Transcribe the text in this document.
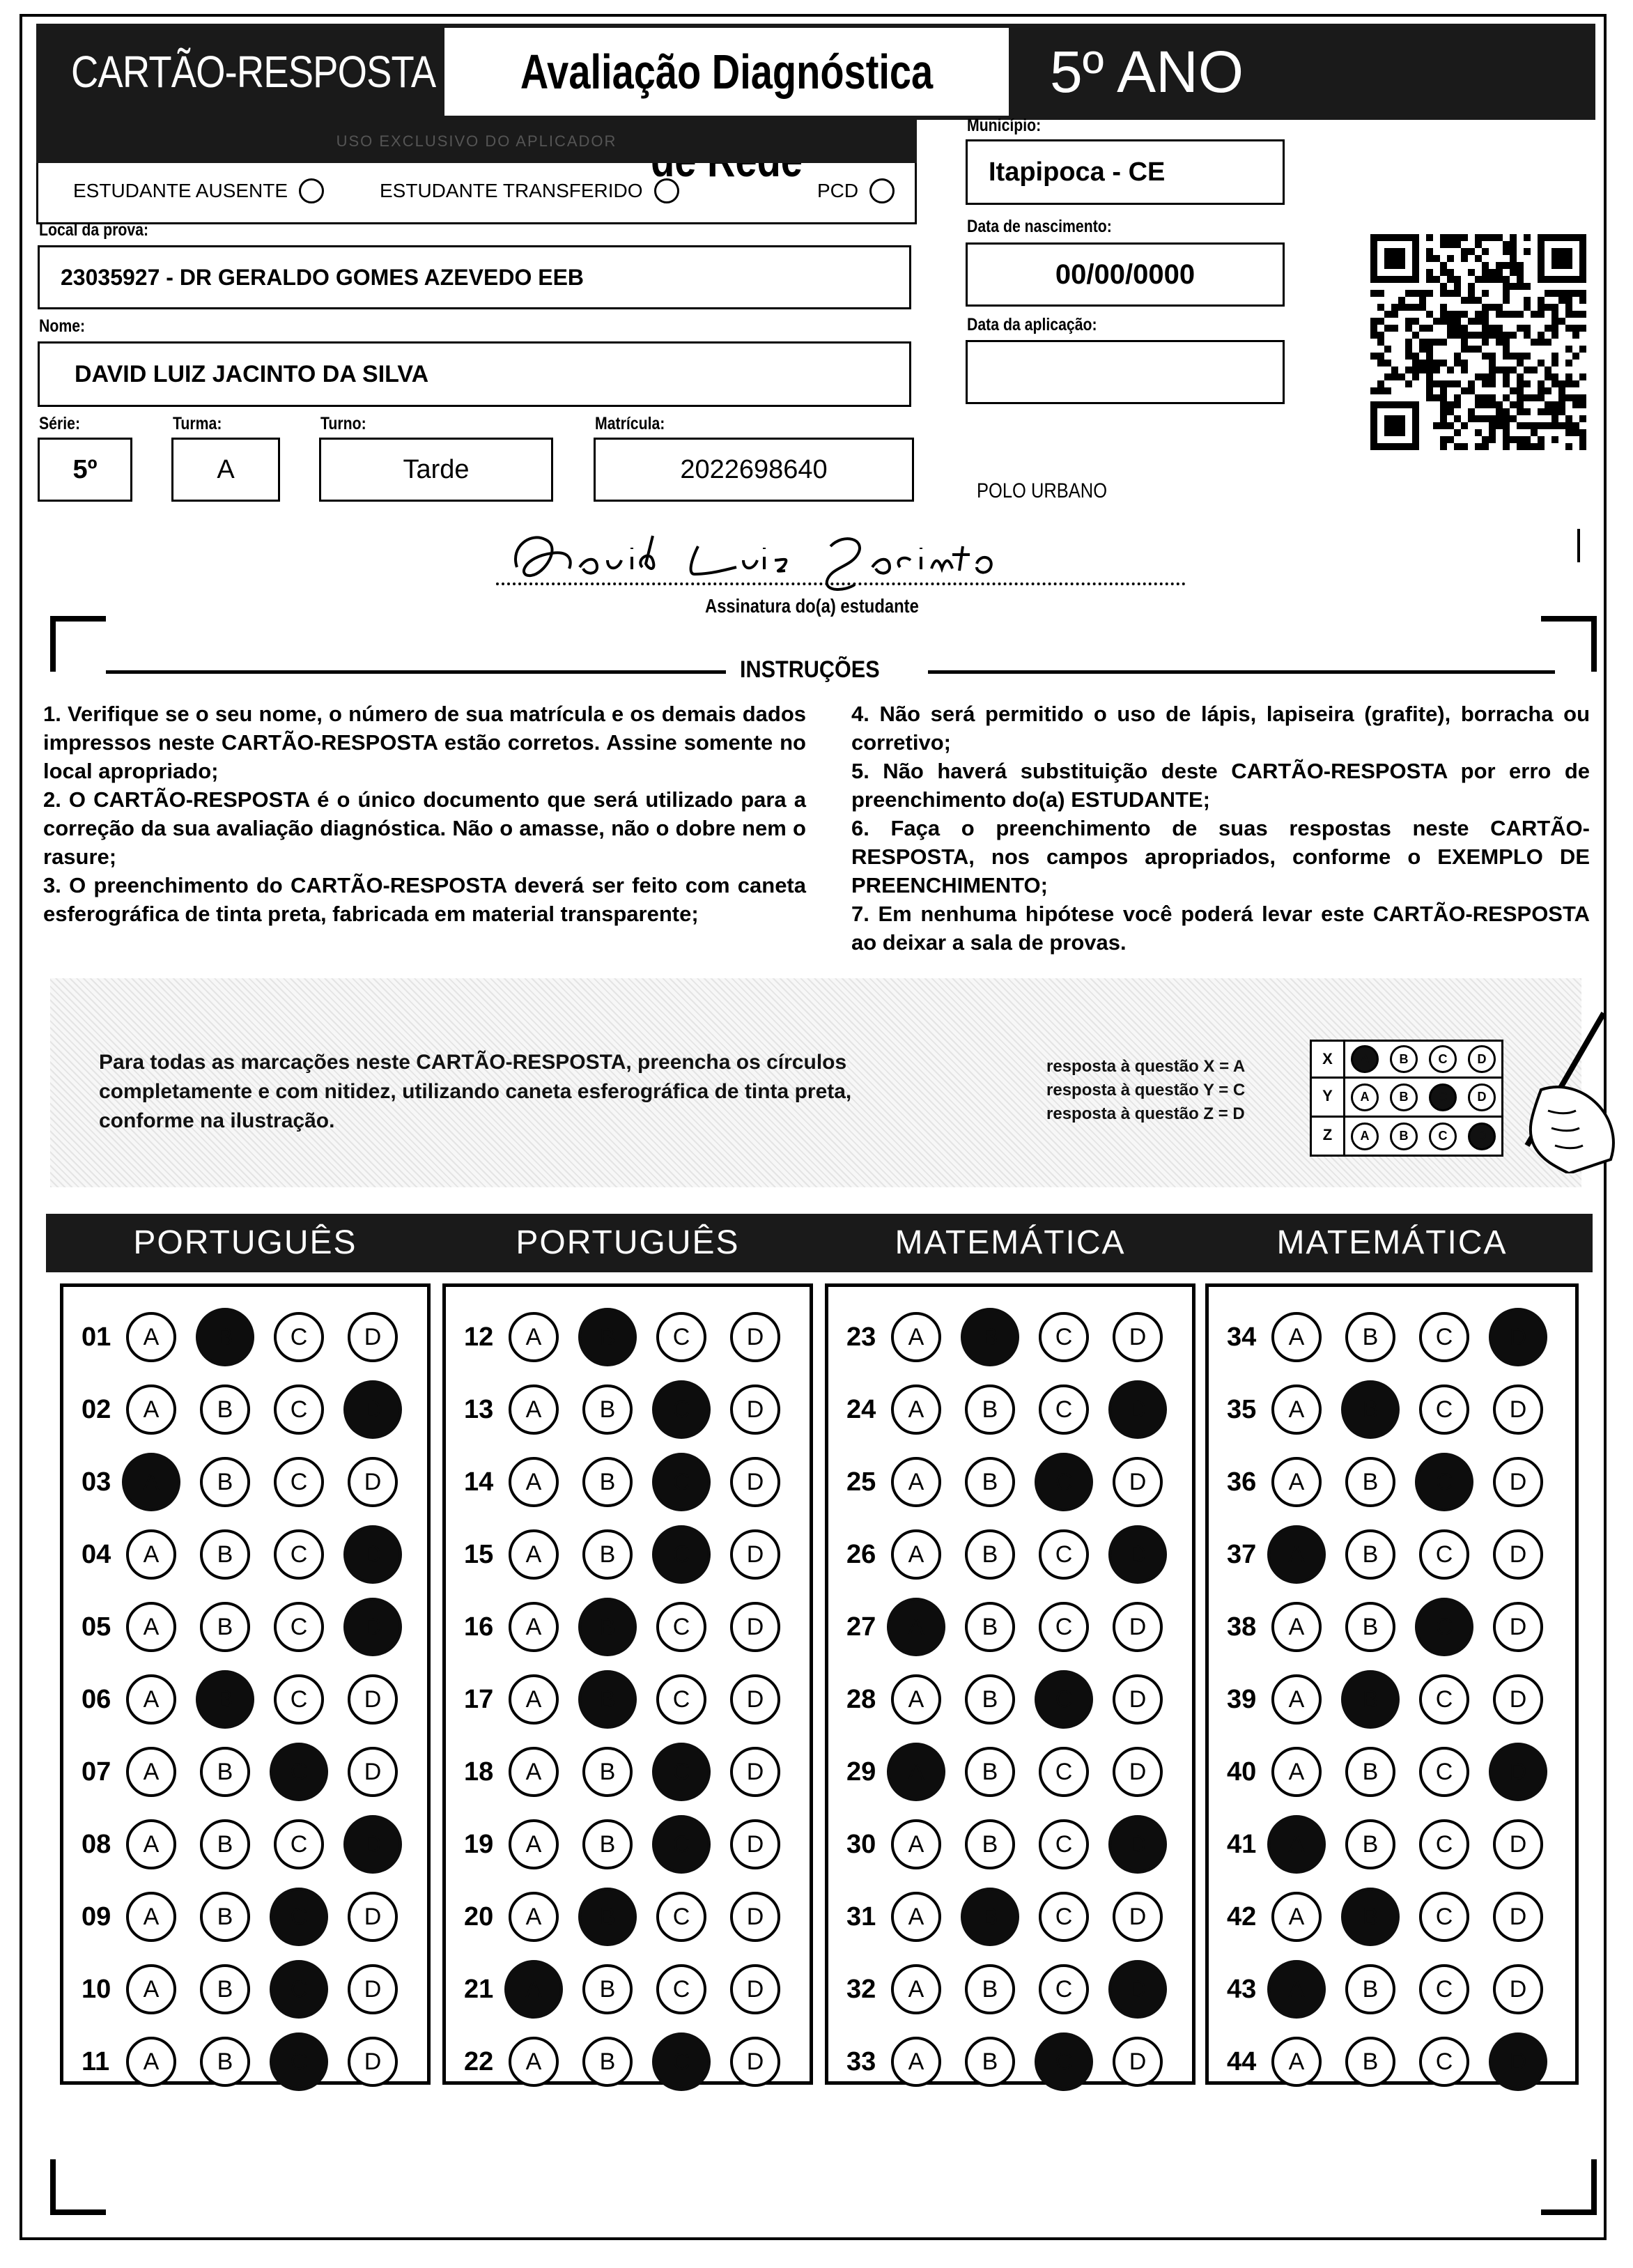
CARTÃO-RESPOSTA	Avaliação Diagnóstica	5º ANO
USO EXCLUSIVO DO APLICADOR
ESTUDANTE AUSENTE	ESTUDANTE TRANSFERIDO	PCD
Município:
Itapipoca - CE
Data de nascimento:
00/00/0000
Data da aplicação:
POLO URBANO
Local da prova:
23035927 - DR GERALDO GOMES AZEVEDO EEB
Nome:
DAVID LUIZ JACINTO DA SILVA
Série:
5º
Turma:
A
Turno:
Tarde
Matrícula:
2022698640
Assinatura do(a) estudante
INSTRUÇÕES

1. Verifique se o seu nome, o número de sua matrícula e os demais dados impressos neste CARTÃO-RESPOSTA estão corretos. Assine somente no local apropriado;

2. O CARTÃO-RESPOSTA é o único documento que será utilizado para a correção da sua avaliação diagnóstica. Não o amasse, não o dobre nem o rasure;

3. O preenchimento do CARTÃO-RESPOSTA deverá ser feito com caneta esferográfica de tinta preta, fabricada em material transparente;

4. Não será permitido o uso de lápis, lapiseira (grafite), borracha ou corretivo;

5. Não haverá substituição deste CARTÃO-RESPOSTA por erro de preenchimento do(a) ESTUDANTE;

6. Faça o preenchimento de suas respostas neste CARTÃO-RESPOSTA, nos campos apropriados, conforme o EXEMPLO DE PREENCHIMENTO;

7. Em nenhuma hipótese você poderá levar este CARTÃO-RESPOSTA ao deixar a sala de provas.

Para todas as marcações neste CARTÃO-RESPOSTA, preencha os círculos completamente e com nitidez, utilizando caneta esferográfica de tinta preta, conforme na ilustração.
resposta à questão X = A
resposta à questão Y = C
resposta à questão Z = D
X	A	B	C	D
Y	A	B	C	D
Z	A	B	C	D
PORTUGUÊS
01	A	B	C	D
02	A	B	C	D
03	A	B	C	D
04	A	B	C	D
05	A	B	C	D
06	A	B	C	D
07	A	B	C	D
08	A	B	C	D
09	A	B	C	D
10	A	B	C	D
11	A	B	C	D
PORTUGUÊS
12	A	B	C	D
13	A	B	C	D
14	A	B	C	D
15	A	B	C	D
16	A	B	C	D
17	A	B	C	D
18	A	B	C	D
19	A	B	C	D
20	A	B	C	D
21	A	B	C	D
22	A	B	C	D
MATEMÁTICA
23	A	B	C	D
24	A	B	C	D
25	A	B	C	D
26	A	B	C	D
27	A	B	C	D
28	A	B	C	D
29	A	B	C	D
30	A	B	C	D
31	A	B	C	D
32	A	B	C	D
33	A	B	C	D
MATEMÁTICA
34	A	B	C	D
35	A	B	C	D
36	A	B	C	D
37	A	B	C	D
38	A	B	C	D
39	A	B	C	D
40	A	B	C	D
41	A	B	C	D
42	A	B	C	D
43	A	B	C	D
44	A	B	C	D
